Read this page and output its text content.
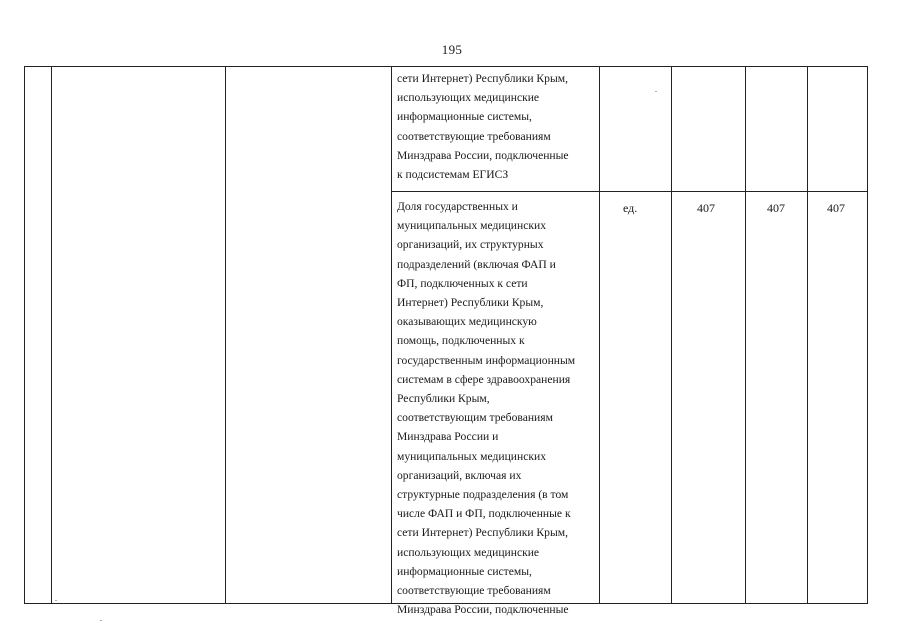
195
сети Интернет) Республики Крым,
использующих медицинские
информационные системы,
соответствующие требованиям
Минздрава России, подключенные
к подсистемам ЕГИСЗ
Доля государственных и
муниципальных медицинских
организаций, их структурных
подразделений (включая ФАП и
ФП, подключенных к сети
Интернет) Республики Крым,
оказывающих медицинскую
помощь, подключенных к
государственным информационным
системам в сфере здравоохранения
Республики Крым,
соответствующим требованиям
Минздрава России и
муниципальных медицинских
организаций, включая их
структурные подразделения (в том
числе ФАП и ФП, подключенные к
сети Интернет) Республики Крым,
использующих медицинские
информационные системы,
соответствующие требованиям
Минздрава России, подключенные
ед.	407	407	407
